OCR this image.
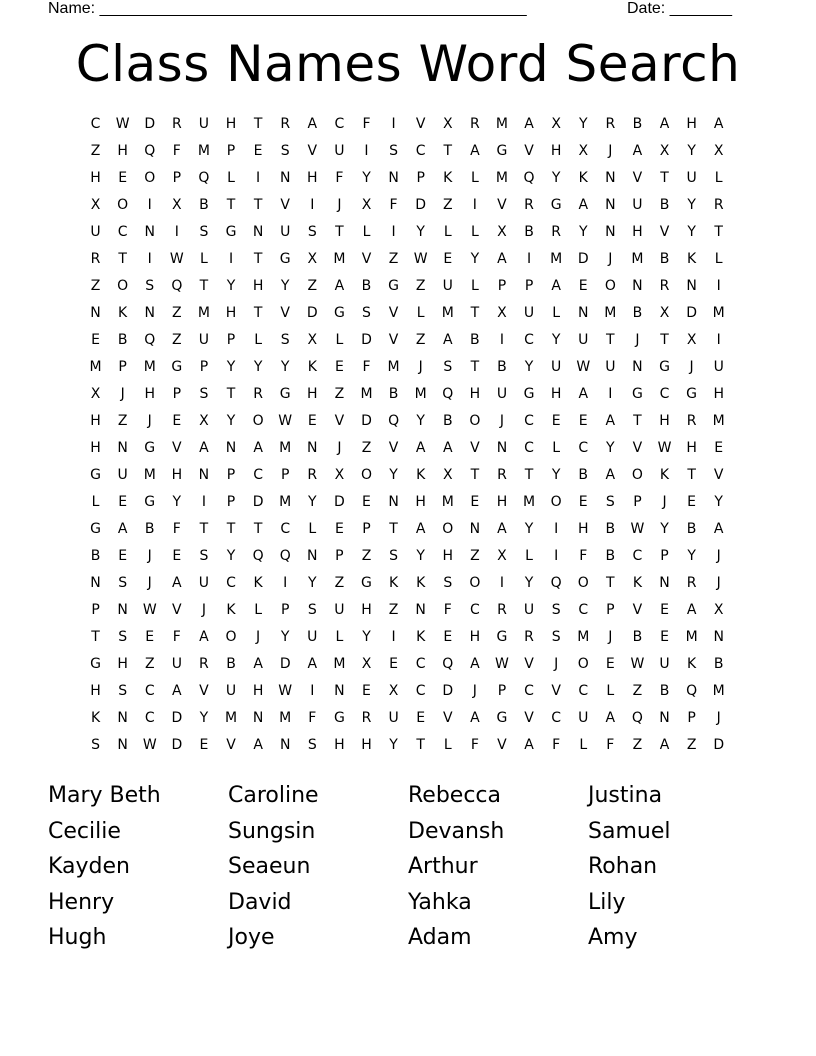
Name: ________________________________________________	Date: _______
Class Names Word Search
C	W	D	R	U	H	T	R	A	C	F	I	V	X	R	M	A	X	Y	R	B	A	H	A
Z	H	Q	F	M	P	E	S	V	U	I	S	C	T	A	G	V	H	X	J	A	X	Y	X
H	E	O	P	Q	L	I	N	H	F	Y	N	P	K	L	M	Q	Y	K	N	V	T	U	L
X	O	I	X	B	T	T	V	I	J	X	F	D	Z	I	V	R	G	A	N	U	B	Y	R
U	C	N	I	S	G	N	U	S	T	L	I	Y	L	L	X	B	R	Y	N	H	V	Y	T
R	T	I	W	L	I	T	G	X	M	V	Z	W	E	Y	A	I	M	D	J	M	B	K	L
Z	O	S	Q	T	Y	H	Y	Z	A	B	G	Z	U	L	P	P	A	E	O	N	R	N	I
N	K	N	Z	M	H	T	V	D	G	S	V	L	M	T	X	U	L	N	M	B	X	D	M
E	B	Q	Z	U	P	L	S	X	L	D	V	Z	A	B	I	C	Y	U	T	J	T	X	I
M	P	M	G	P	Y	Y	Y	K	E	F	M	J	S	T	B	Y	U	W	U	N	G	J	U
X	J	H	P	S	T	R	G	H	Z	M	B	M	Q	H	U	G	H	A	I	G	C	G	H
H	Z	J	E	X	Y	O	W	E	V	D	Q	Y	B	O	J	C	E	E	A	T	H	R	M
H	N	G	V	A	N	A	M	N	J	Z	V	A	A	V	N	C	L	C	Y	V	W	H	E
G	U	M	H	N	P	C	P	R	X	O	Y	K	X	T	R	T	Y	B	A	O	K	T	V
L	E	G	Y	I	P	D	M	Y	D	E	N	H	M	E	H	M	O	E	S	P	J	E	Y
G	A	B	F	T	T	T	C	L	E	P	T	A	O	N	A	Y	I	H	B	W	Y	B	A
B	E	J	E	S	Y	Q	Q	N	P	Z	S	Y	H	Z	X	L	I	F	B	C	P	Y	J
N	S	J	A	U	C	K	I	Y	Z	G	K	K	S	O	I	Y	Q	O	T	K	N	R	J
P	N	W	V	J	K	L	P	S	U	H	Z	N	F	C	R	U	S	C	P	V	E	A	X
T	S	E	F	A	O	J	Y	U	L	Y	I	K	E	H	G	R	S	M	J	B	E	M	N
G	H	Z	U	R	B	A	D	A	M	X	E	C	Q	A	W	V	J	O	E	W	U	K	B
H	S	C	A	V	U	H	W	I	N	E	X	C	D	J	P	C	V	C	L	Z	B	Q	M
K	N	C	D	Y	M	N	M	F	G	R	U	E	V	A	G	V	C	U	A	Q	N	P	J
S	N	W	D	E	V	A	N	S	H	H	Y	T	L	F	V	A	F	L	F	Z	A	Z	D
Mary Beth	Caroline	Rebecca	Justina
Cecilie	Sungsin	Devansh	Samuel
Kayden	Seaeun	Arthur	Rohan
Henry	David	Yahka	Lily
Hugh	Joye	Adam	Amy
